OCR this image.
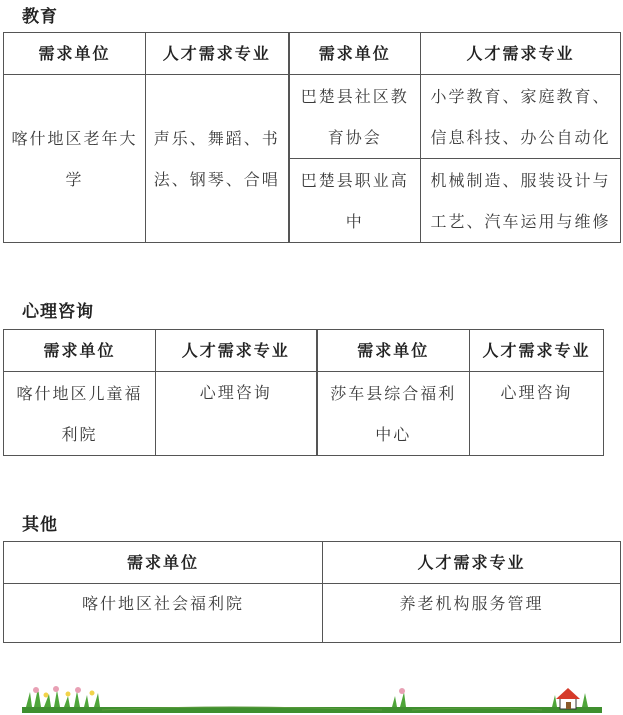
教育
需求单位	人才需求专业	需求单位	人才需求专业
喀什地区老年大学	声乐、舞蹈、书法、钢琴、合唱	巴楚县社区教育协会	小学教育、家庭教育、信息科技、办公自动化
		巴楚县职业高中	机械制造、服装设计与工艺、汽车运用与维修
心理咨询
需求单位	人才需求专业	需求单位	人才需求专业
喀什地区儿童福利院	心理咨询	莎车县综合福利中心	心理咨询
其他
需求单位	人才需求专业
喀什地区社会福利院	养老机构服务管理
